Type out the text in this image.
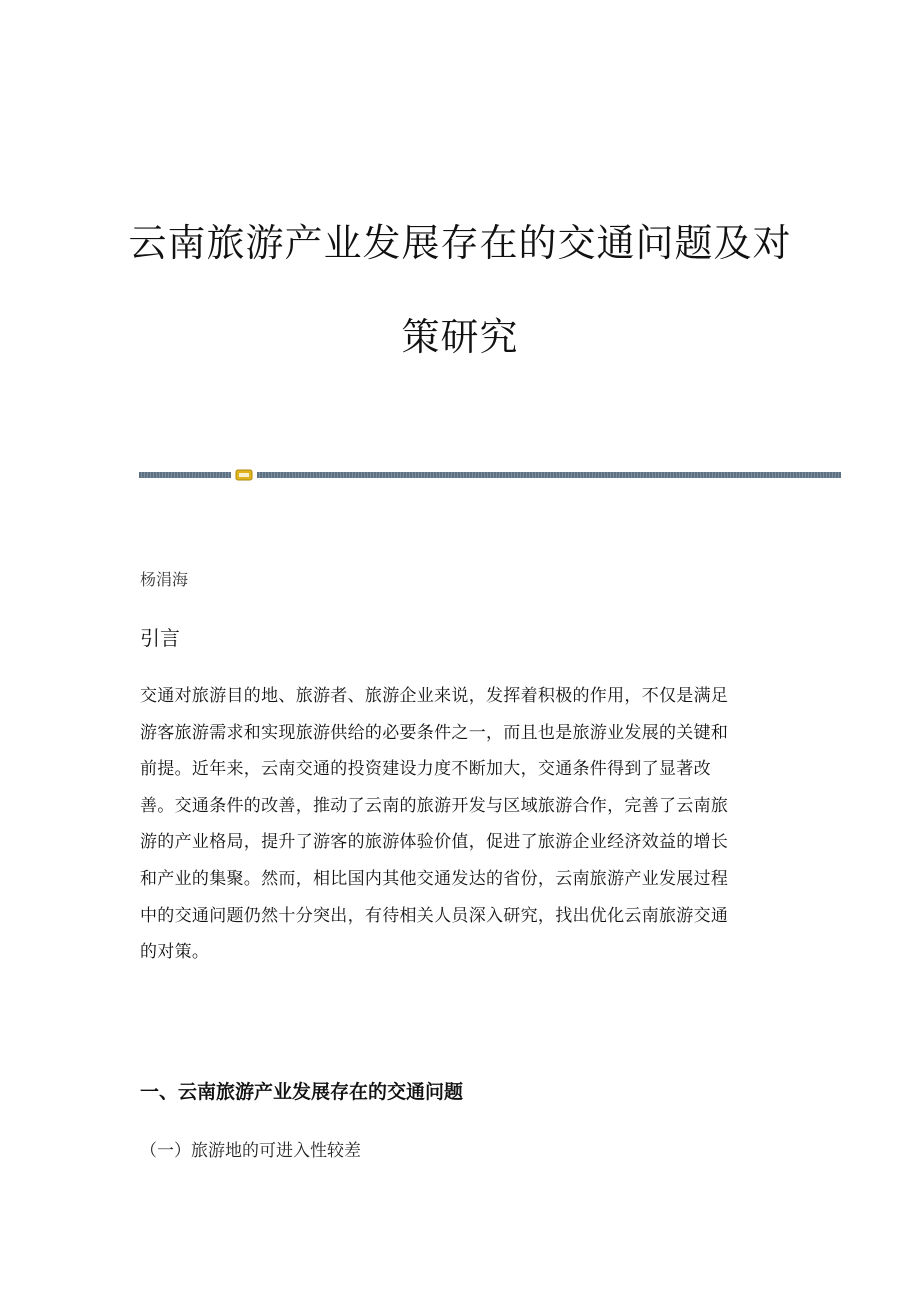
云南旅游产业发展存在的交通问题及对
策研究
杨涓海
引言
交通对旅游目的地、旅游者、旅游企业来说，发挥着积极的作用，不仅是满足
游客旅游需求和实现旅游供给的必要条件之一，而且也是旅游业发展的关键和
前提。近年来，云南交通的投资建设力度不断加大，交通条件得到了显著改
善。交通条件的改善，推动了云南的旅游开发与区域旅游合作，完善了云南旅
游的产业格局，提升了游客的旅游体验价值，促进了旅游企业经济效益的增长
和产业的集聚。然而，相比国内其他交通发达的省份，云南旅游产业发展过程
中的交通问题仍然十分突出，有待相关人员深入研究，找出优化云南旅游交通
的对策。
一、云南旅游产业发展存在的交通问题
（一）旅游地的可进入性较差
